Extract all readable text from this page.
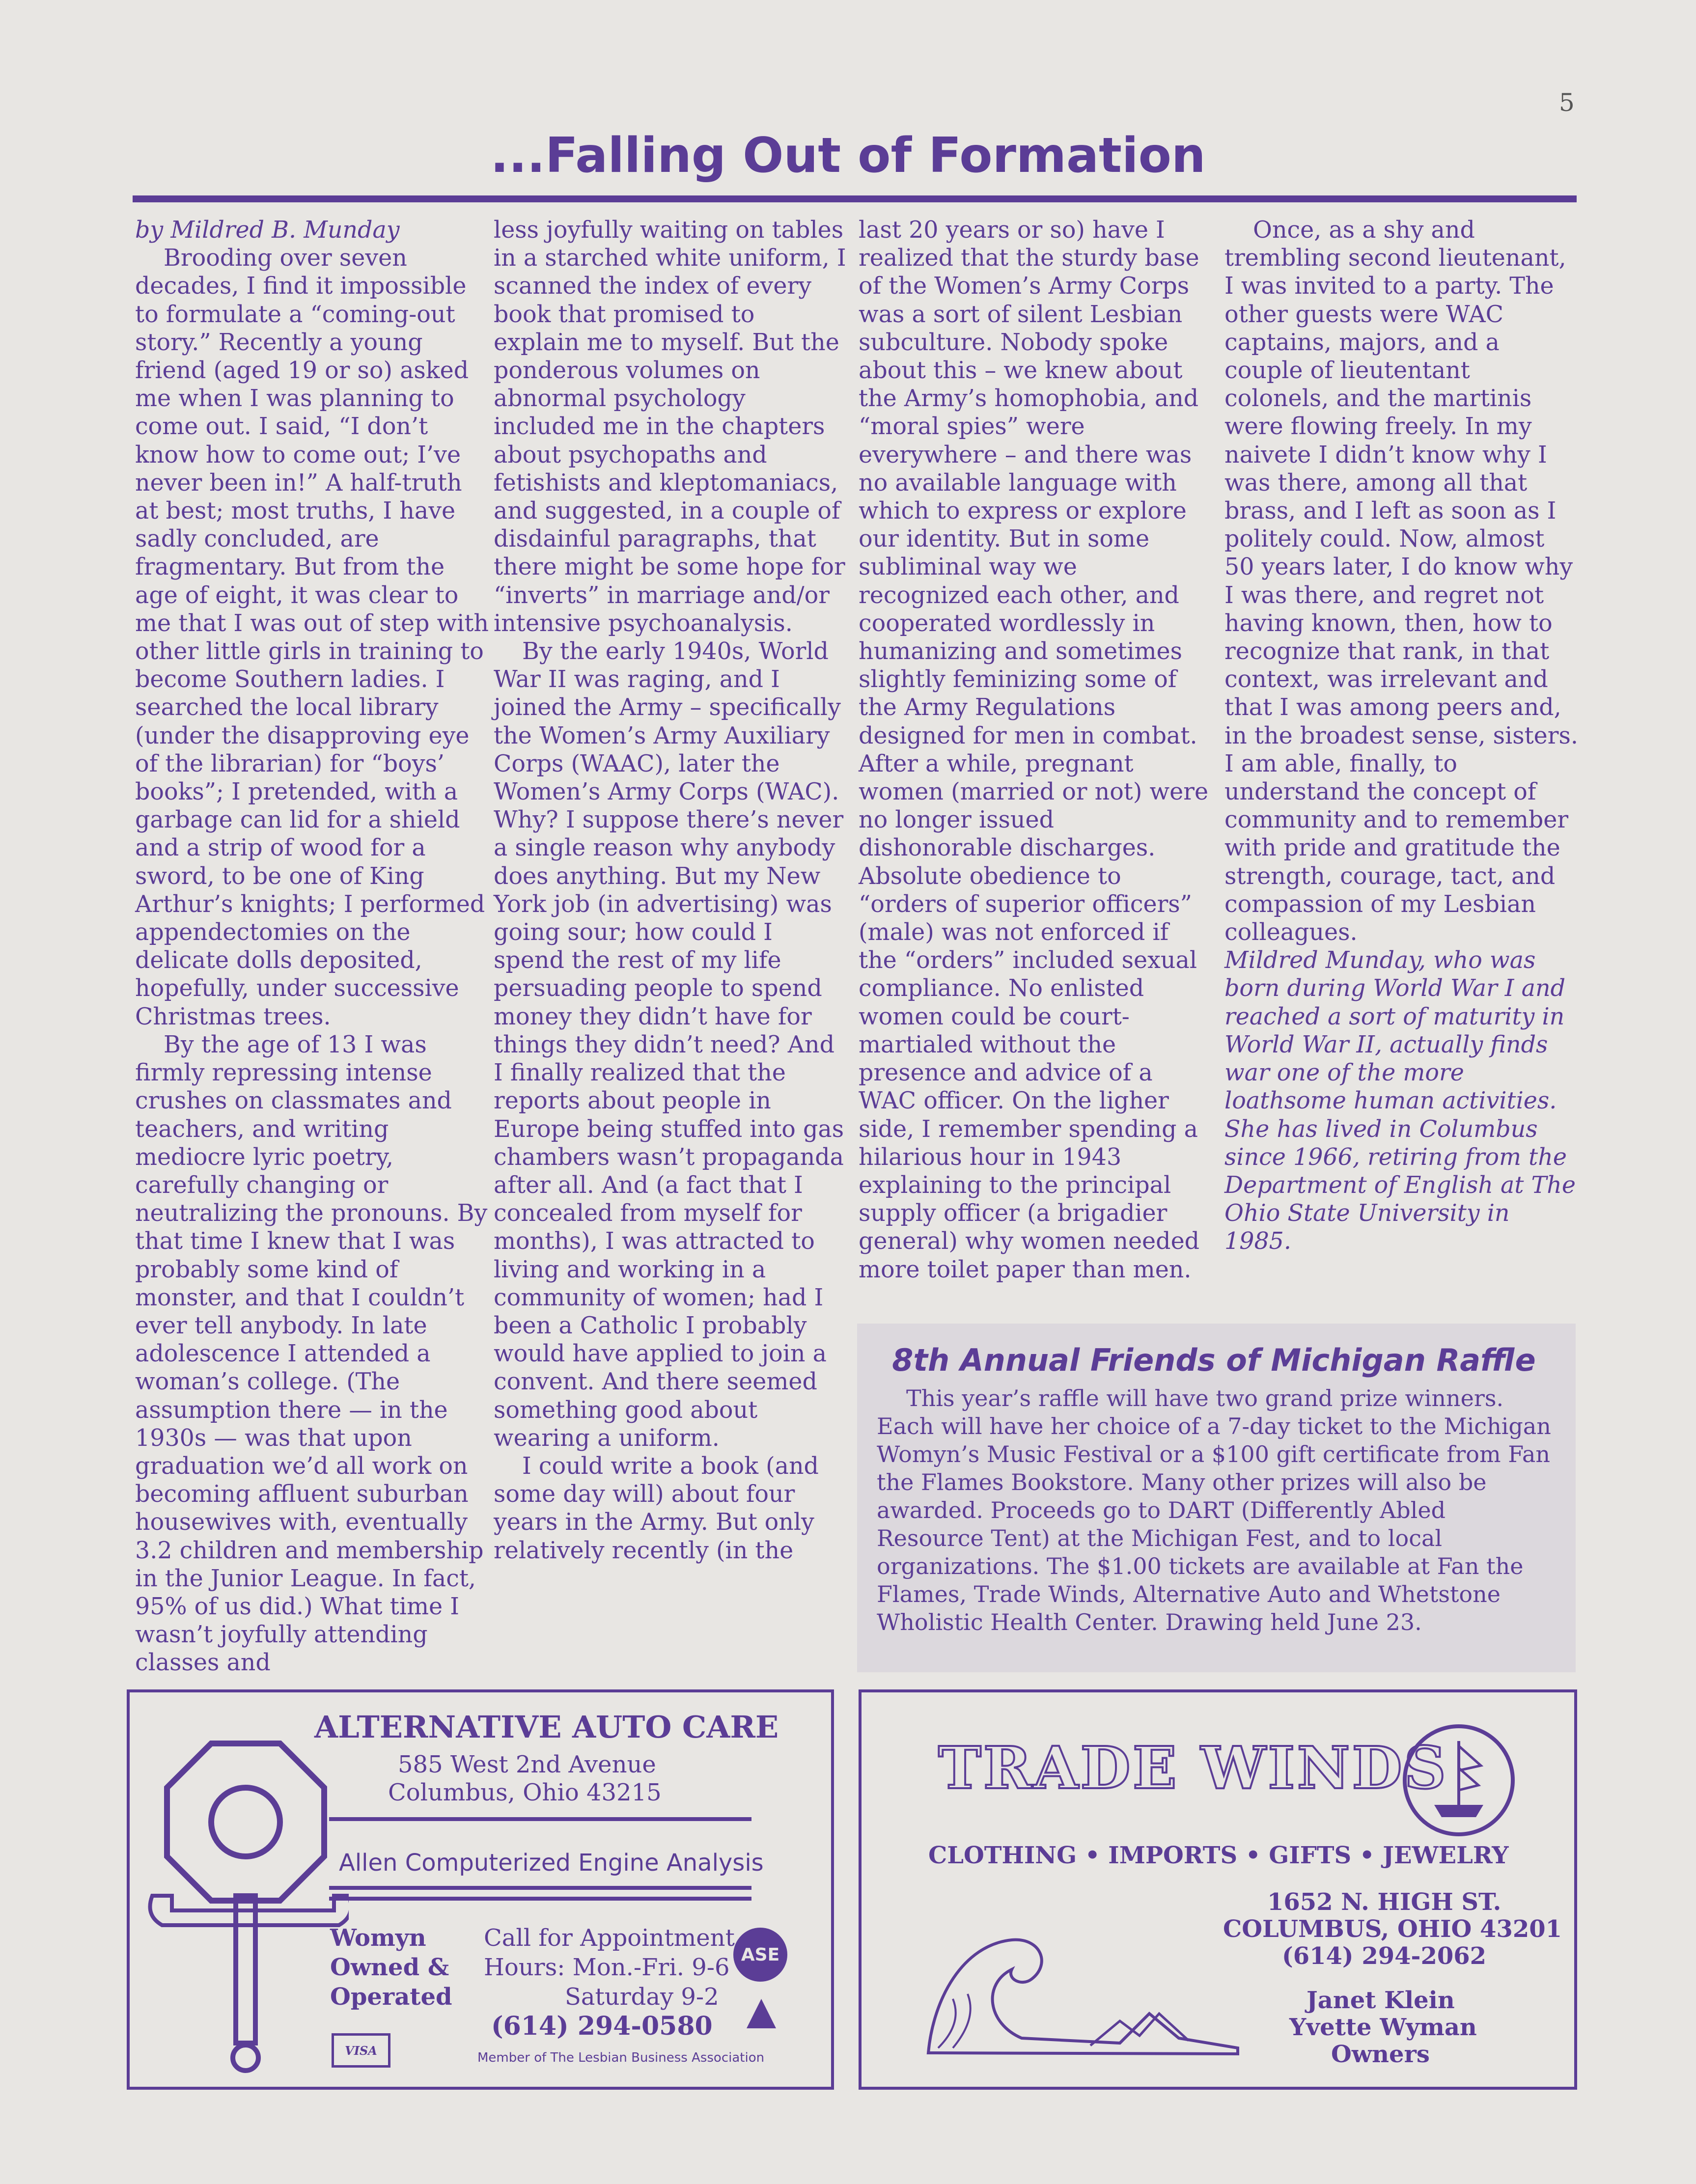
5
...Falling Out of Formation

by Mildred B. Munday

Brooding over seven decades, I find it impossible to formulate a “coming-out story.” Recently a young friend (aged 19 or so) asked me when I was planning to come out. I said, “I don’t know how to come out; I’ve never been in!” A half-truth at best; most truths, I have sadly concluded, are fragmentary. But from the age of eight, it was clear to me that I was out of step with other little girls in training to become Southern ladies. I searched the local library (under the disapproving eye of the librarian) for “boys’ books”; I pretended, with a garbage can lid for a shield and a strip of wood for a sword, to be one of King Arthur’s knights; I performed appendectomies on the delicate dolls deposited, hopefully, under successive Christmas trees.

By the age of 13 I was firmly repressing intense crushes on classmates and teachers, and writing mediocre lyric poetry, carefully changing or neutralizing the pronouns. By that time I knew that I was probably some kind of monster, and that I couldn’t ever tell anybody. In late adolescence I attended a woman’s college. (The assumption there — in the 1930s — was that upon graduation we’d all work on becoming affluent suburban housewives with, eventually 3.2 children and membership in the Junior League. In fact, 95% of us did.) What time I wasn’t joyfully attending classes and

less joyfully waiting on tables in a starched white uniform, I scanned the index of every book that promised to explain me to myself. But the ponderous volumes on abnormal psychology included me in the chapters about psychopaths and fetishists and kleptomaniacs, and suggested, in a couple of disdainful paragraphs, that there might be some hope for “inverts” in marriage and/or intensive psychoanalysis.

By the early 1940s, World War II was raging, and I joined the Army – specifically the Women’s Army Auxiliary Corps (WAAC), later the Women’s Army Corps (WAC). Why? I suppose there’s never a single reason why anybody does anything. But my New York job (in advertising) was going sour; how could I spend the rest of my life persuading people to spend money they didn’t have for things they didn’t need? And I finally realized that the reports about people in Europe being stuffed into gas chambers wasn’t propaganda after all. And (a fact that I concealed from myself for months), I was attracted to living and working in a community of women; had I been a Catholic I probably would have applied to join a convent. And there seemed something good about wearing a uniform.

I could write a book (and some day will) about four years in the Army. But only relatively recently (in the

last 20 years or so) have I realized that the sturdy base of the Women’s Army Corps was a sort of silent Lesbian subculture. Nobody spoke about this – we knew about the Army’s homophobia, and “moral spies” were everywhere – and there was no available language with which to express or explore our identity. But in some subliminal way we recognized each other, and cooperated wordlessly in humanizing and sometimes slightly feminizing some of the Army Regulations designed for men in combat. After a while, pregnant women (married or not) were no longer issued dishonorable discharges. Absolute obedience to “orders of superior officers” (male) was not enforced if the “orders” included sexual compliance. No enlisted women could be court-martialed without the presence and advice of a WAC officer. On the ligher side, I remember spending a hilarious hour in 1943 explaining to the principal supply officer (a brigadier general) why women needed more toilet paper than men.

Once, as a shy and trembling second lieutenant, I was invited to a party. The other guests were WAC captains, majors, and a couple of lieutentant colonels, and the martinis were flowing freely. In my naivete I didn’t know why I was there, among all that brass, and I left as soon as I politely could. Now, almost 50 years later, I do know why I was there, and regret not having known, then, how to recognize that rank, in that context, was irrelevant and that I was among peers and, in the broadest sense, sisters. I am able, finally, to understand the concept of community and to remember with pride and gratitude the strength, courage, tact, and compassion of my Lesbian colleagues.

Mildred Munday, who was born during World War I and reached a sort of maturity in World War II, actually finds war one of the more loathsome human activities. She has lived in Columbus since 1966, retiring from the Department of English at The Ohio State University in 1985.

8th Annual Friends of Michigan Raffle

This year’s raffle will have two grand prize winners. Each will have her choice of a 7-day ticket to the Michigan Womyn’s Music Festival or a $100 gift certificate from Fan the Flames Bookstore. Many other prizes will also be awarded. Proceeds go to DART (Differently Abled Resource Tent) at the Michigan Fest, and to local organizations. The $1.00 tickets are available at Fan the Flames, Trade Winds, Alternative Auto and Whetstone Wholistic Health Center. Drawing held June 23.

ALTERNATIVE AUTO CARE
585 West 2nd Avenue
Columbus, Ohio 43215
Allen Computerized Engine Analysis
Womyn
Owned &
Operated
VISA
Call for Appointment
Hours: Mon.-Fri. 9-6
Saturday 9-2
(614) 294-0580
ASE
Member of The Lesbian Business Association
TRADE WINDS
CLOTHING • IMPORTS • GIFTS • JEWELRY
1652 N. HIGH ST.
COLUMBUS, OHIO 43201
(614) 294-2062
Janet Klein
Yvette Wyman
Owners
